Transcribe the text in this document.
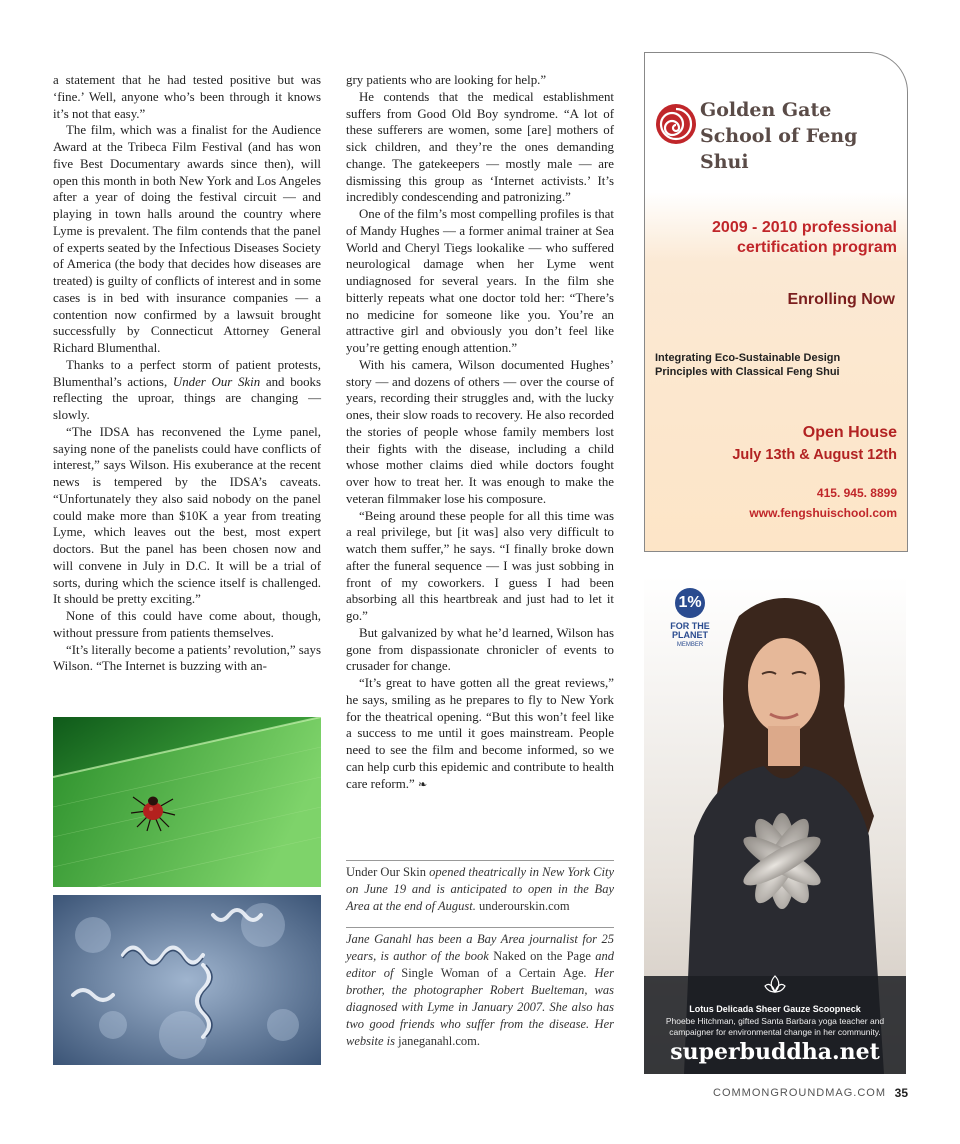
a statement that he had tested positive but was ‘fine.’ Well, anyone who’s been through it knows it’s not that easy.”

The film, which was a finalist for the Audience Award at the Tribeca Film Festival (and has won five Best Documentary awards since then), will open this month in both New York and Los Angeles after a year of doing the festival circuit — and playing in town halls around the country where Lyme is prevalent. The film contends that the panel of experts seated by the Infectious Diseases Society of America (the body that decides how diseases are treated) is guilty of conflicts of interest and in some cases is in bed with insurance companies — a contention now confirmed by a lawsuit brought successfully by Connecticut Attorney General Richard Blumenthal.

Thanks to a perfect storm of patient protests, Blumenthal’s actions, Under Our Skin and books reflecting the uproar, things are changing — slowly.

“The IDSA has reconvened the Lyme panel, saying none of the panelists could have conflicts of interest,” says Wilson. His exuberance at the recent news is tempered by the IDSA’s caveats. “Unfortunately they also said nobody on the panel could make more than $10K a year from treating Lyme, which leaves out the best, most expert doctors. But the panel has been chosen now and will convene in July in D.C. It will be a trial of sorts, during which the science itself is challenged. It should be pretty exciting.”

None of this could have come about, though, without pressure from patients themselves.

“It’s literally become a patients’ revolution,” says Wilson. “The Internet is buzzing with an-

gry patients who are looking for help.”

He contends that the medical establishment suffers from Good Old Boy syndrome. “A lot of these sufferers are women, some [are] mothers of sick children, and they’re the ones demanding change. The gatekeepers — mostly male — are dismissing this group as ‘Internet activists.’ It’s incredibly condescending and patronizing.”

One of the film’s most compelling profiles is that of Mandy Hughes — a former animal trainer at Sea World and Cheryl Tiegs lookalike — who suffered neurological damage when her Lyme went undiagnosed for several years. In the film she bitterly repeats what one doctor told her: “There’s no medicine for someone like you. You’re an attractive girl and obviously you don’t feel like you’re getting enough attention.”

With his camera, Wilson documented Hughes’ story — and dozens of others — over the course of years, recording their struggles and, with the lucky ones, their slow roads to recovery. He also recorded the stories of people whose family members lost their fights with the disease, including a child whose mother claims died while doctors fought over how to treat her. It was enough to make the veteran filmmaker lose his composure.

“Being around these people for all this time was a real privilege, but [it was] also very difficult to watch them suffer,” he says. “I finally broke down after the funeral sequence — I was just sobbing in front of my coworkers. I guess I had been absorbing all this heartbreak and just had to let it go.”

But galvanized by what he’d learned, Wilson has gone from dispassionate chronicler of events to crusader for change.

“It’s great to have gotten all the great reviews,” he says, smiling as he prepares to fly to New York for the theatrical opening. “But this won’t feel like a success to me until it goes mainstream. People need to see the film and become informed, so we can help curb this epidemic and contribute to health care reform.” ❧

Under Our Skin opened theatrically in New York City on June 19 and is anticipated to open in the Bay Area at the end of August. underourskin.com
Jane Ganahl has been a Bay Area journalist for 25 years, is author of the book Naked on the Page and editor of Single Woman of a Certain Age. Her brother, the photographer Robert Buelteman, was diagnosed with Lyme in January 2007. She also has two good friends who suffer from the disease. Her website is janeganahl.com.
Golden Gate
School of Feng Shui
2009 - 2010 professional certification program
Enrolling Now
Integrating Eco-Sustainable Design Principles with Classical Feng Shui
Open House
July 13th & August 12th
415. 945. 8899
www.fengshuischool.com
1%
FOR THE PLANET
MEMBER
Lotus Delicada Sheer Gauze Scoopneck
Phoebe Hitchman, gifted Santa Barbara yoga teacher and campaigner for environmental change in her community.
superbuddha.net
COMMONGROUNDMAG.COM 35
